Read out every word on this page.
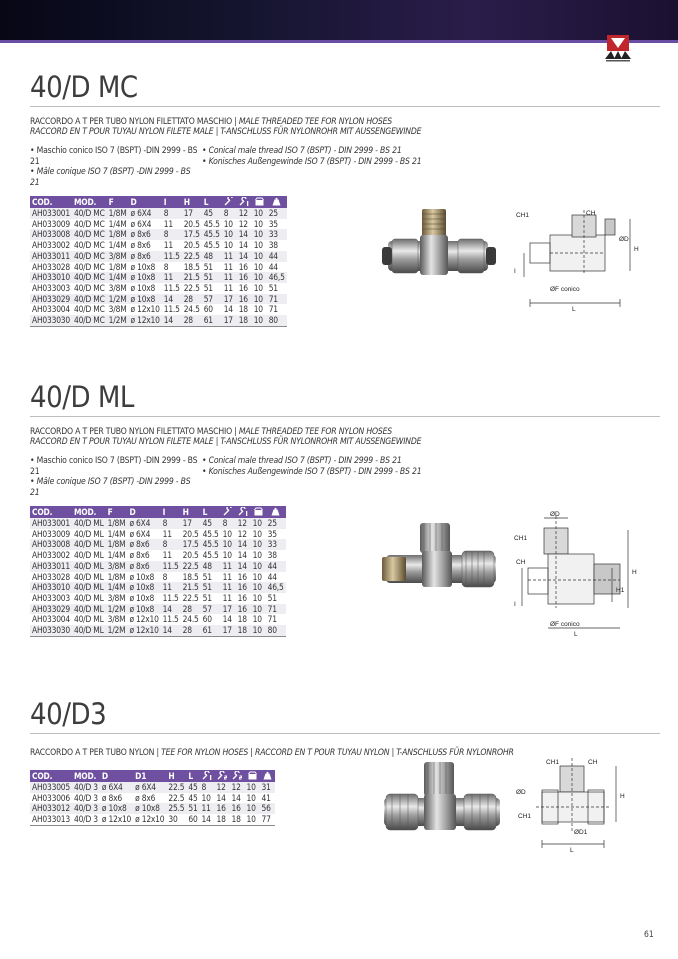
40/D MC
RACCORDO A T PER TUBO NYLON FILETTATO MASCHIO | MALE THREADED TEE FOR NYLON HOSES
RACCORD EN T POUR TUYAU NYLON FILETE MALE | T-ANSCHLUSS FÜR NYLONROHR MIT AUSSENGEWINDE
• Maschio conico ISO 7 (BSPT) -DIN 2999 - BS 21
• Mâle conique ISO 7 (BSPT) -DIN 2999 - BS 21
• Conical male thread ISO 7 (BSPT) - DIN 2999 - BS 21
• Konisches Außengewinde ISO 7 (BSPT) - DIN 2999 - BS 21
COD.	MOD.	F	D	I	H	L				
AH033001	40/D MC	1/8M	ø 6X4	8	17	45	8	12	10	25
AH033009	40/D MC	1/4M	ø 6X4	11	20.5	45.5	10	12	10	35
AH033008	40/D MC	1/8M	ø 8x6	8	17.5	45.5	10	14	10	33
AH033002	40/D MC	1/4M	ø 8x6	11	20.5	45.5	10	14	10	38
AH033011	40/D MC	3/8M	ø 8x6	11.5	22.5	48	11	14	10	44
AH033028	40/D MC	1/8M	ø 10x8	8	18.5	51	11	16	10	44
AH033010	40/D MC	1/4M	ø 10x8	11	21.5	51	11	16	10	46,5
AH033003	40/D MC	3/8M	ø 10x8	11.5	22.5	51	11	16	10	51
AH033029	40/D MC	1/2M	ø 10x8	14	28	57	17	16	10	71
AH033004	40/D MC	3/8M	ø 12x10	11.5	24.5	60	14	18	10	71
AH033030	40/D MC	1/2M	ø 12x10	14	28	61	17	18	10	80
CH1	CH
ØD
H
I
ØF conico
L
40/D ML
RACCORDO A T PER TUBO NYLON FILETTATO MASCHIO | MALE THREADED TEE FOR NYLON HOSES
RACCORD EN T POUR TUYAU NYLON FILETE MALE | T-ANSCHLUSS FÜR NYLONROHR MIT AUSSENGEWINDE
• Maschio conico ISO 7 (BSPT) -DIN 2999 - BS 21
• Mâle conique ISO 7 (BSPT) -DIN 2999 - BS 21
• Conical male thread ISO 7 (BSPT) - DIN 2999 - BS 21
• Konisches Außengewinde ISO 7 (BSPT) - DIN 2999 - BS 21
COD.	MOD.	F	D	I	H	L				
AH033001	40/D ML	1/8M	ø 6X4	8	17	45	8	12	10	25
AH033009	40/D ML	1/4M	ø 6X4	11	20.5	45.5	10	12	10	35
AH033008	40/D ML	1/8M	ø 8x6	8	17.5	45.5	10	14	10	33
AH033002	40/D ML	1/4M	ø 8x6	11	20.5	45.5	10	14	10	38
AH033011	40/D ML	3/8M	ø 8x6	11.5	22.5	48	11	14	10	44
AH033028	40/D ML	1/8M	ø 10x8	8	18.5	51	11	16	10	44
AH033010	40/D ML	1/4M	ø 10x8	11	21.5	51	11	16	10	46,5
AH033003	40/D ML	3/8M	ø 10x8	11.5	22.5	51	11	16	10	51
AH033029	40/D ML	1/2M	ø 10x8	14	28	57	17	16	10	71
AH033004	40/D ML	3/8M	ø 12x10	11.5	24.5	60	14	18	10	71
AH033030	40/D ML	1/2M	ø 12x10	14	28	61	17	18	10	80
ØD
CH1
CH
H
H1
I
ØF conico
L
40/D3
RACCORDO A T PER TUBO NYLON | TEE FOR NYLON HOSES | RACCORD EN T POUR TUYAU NYLON | T-ANSCHLUSS FÜR NYLONROHR
COD.	MOD.	D	D1	H	L					
AH033005	40/D 3	ø 6X4	ø 6X4	22.5	45	8	12	12	10	31
AH033006	40/D 3	ø 8x6	ø 8x6	22.5	45	10	14	14	10	41
AH033012	40/D 3	ø 10x8	ø 10x8	25.5	51	11	16	16	10	56
AH033013	40/D 3	ø 12x10	ø 12x10	30	60	14	18	18	10	77
CH1	CH
CH1
ØD
ØD1
H
L
61
